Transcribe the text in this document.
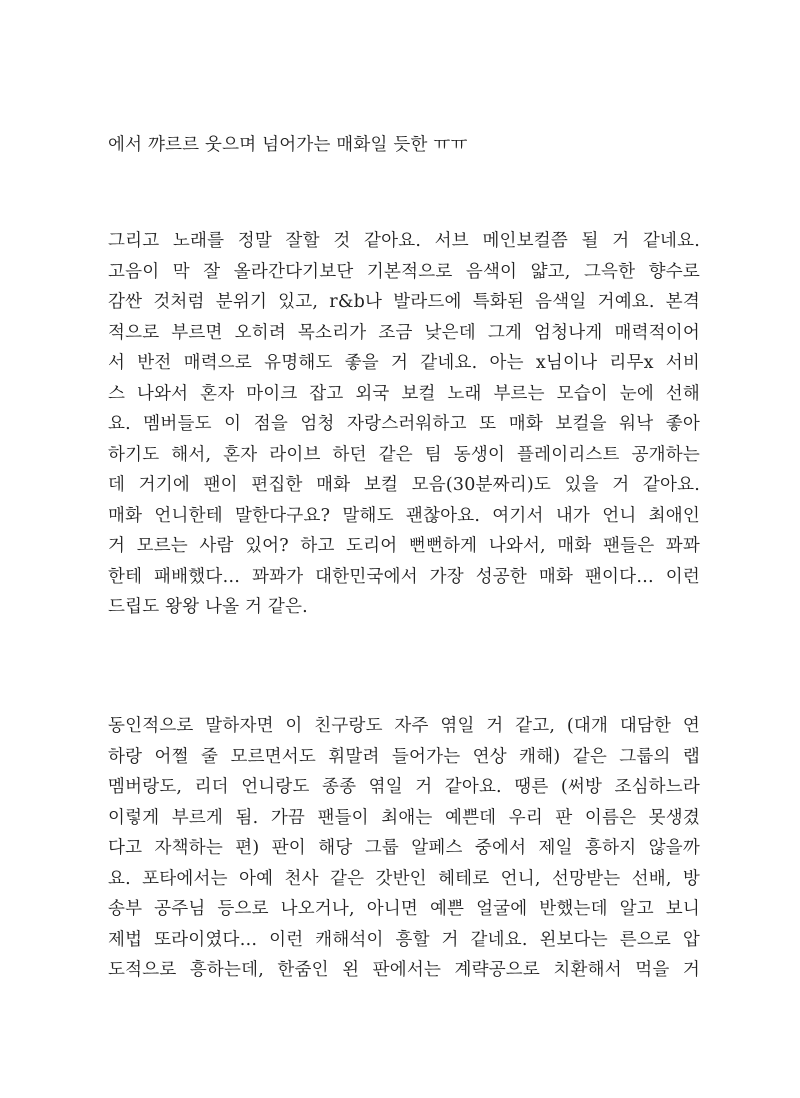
에서 꺄르르 웃으며 넘어가는 매화일 듯한 ㅠㅠ
그리고 노래를 정말 잘할 것 같아요. 서브 메인보컬쯤 될 거 같네요.
고음이 막 잘 올라간다기보단 기본적으로 음색이 얇고, 그윽한 향수로
감싼 것처럼 분위기 있고, r&b나 발라드에 특화된 음색일 거예요. 본격
적으로 부르면 오히려 목소리가 조금 낮은데 그게 엄청나게 매력적이어
서 반전 매력으로 유명해도 좋을 거 같네요. 아는 x님이나 리무x 서비
스 나와서 혼자 마이크 잡고 외국 보컬 노래 부르는 모습이 눈에 선해
요. 멤버들도 이 점을 엄청 자랑스러워하고 또 매화 보컬을 워낙 좋아
하기도 해서, 혼자 라이브 하던 같은 팀 동생이 플레이리스트 공개하는
데 거기에 팬이 편집한 매화 보컬 모음(30분짜리)도 있을 거 같아요.
매화 언니한테 말한다구요? 말해도 괜찮아요. 여기서 내가 언니 최애인
거 모르는 사람 있어? 하고 도리어 뻔뻔하게 나와서, 매화 팬들은 꽈꽈
한테 패배했다… 꽈꽈가 대한민국에서 가장 성공한 매화 팬이다… 이런
드립도 왕왕 나올 거 같은.
동인적으로 말하자면 이 친구랑도 자주 엮일 거 같고, (대개 대담한 연
하랑 어쩔 줄 모르면서도 휘말려 들어가는 연상 캐해) 같은 그룹의 랩
멤버랑도, 리더 언니랑도 종종 엮일 거 같아요. 땡른 (써방 조심하느라
이렇게 부르게 됨. 가끔 팬들이 최애는 예쁜데 우리 판 이름은 못생겼
다고 자책하는 편) 판이 해당 그룹 알페스 중에서 제일 흥하지 않을까
요. 포타에서는 아예 천사 같은 갓반인 헤테로 언니, 선망받는 선배, 방
송부 공주님 등으로 나오거나, 아니면 예쁜 얼굴에 반했는데 알고 보니
제법 또라이였다… 이런 캐해석이 흥할 거 같네요. 왼보다는 른으로 압
도적으로 흥하는데, 한줌인 왼 판에서는 계략공으로 치환해서 먹을 거
